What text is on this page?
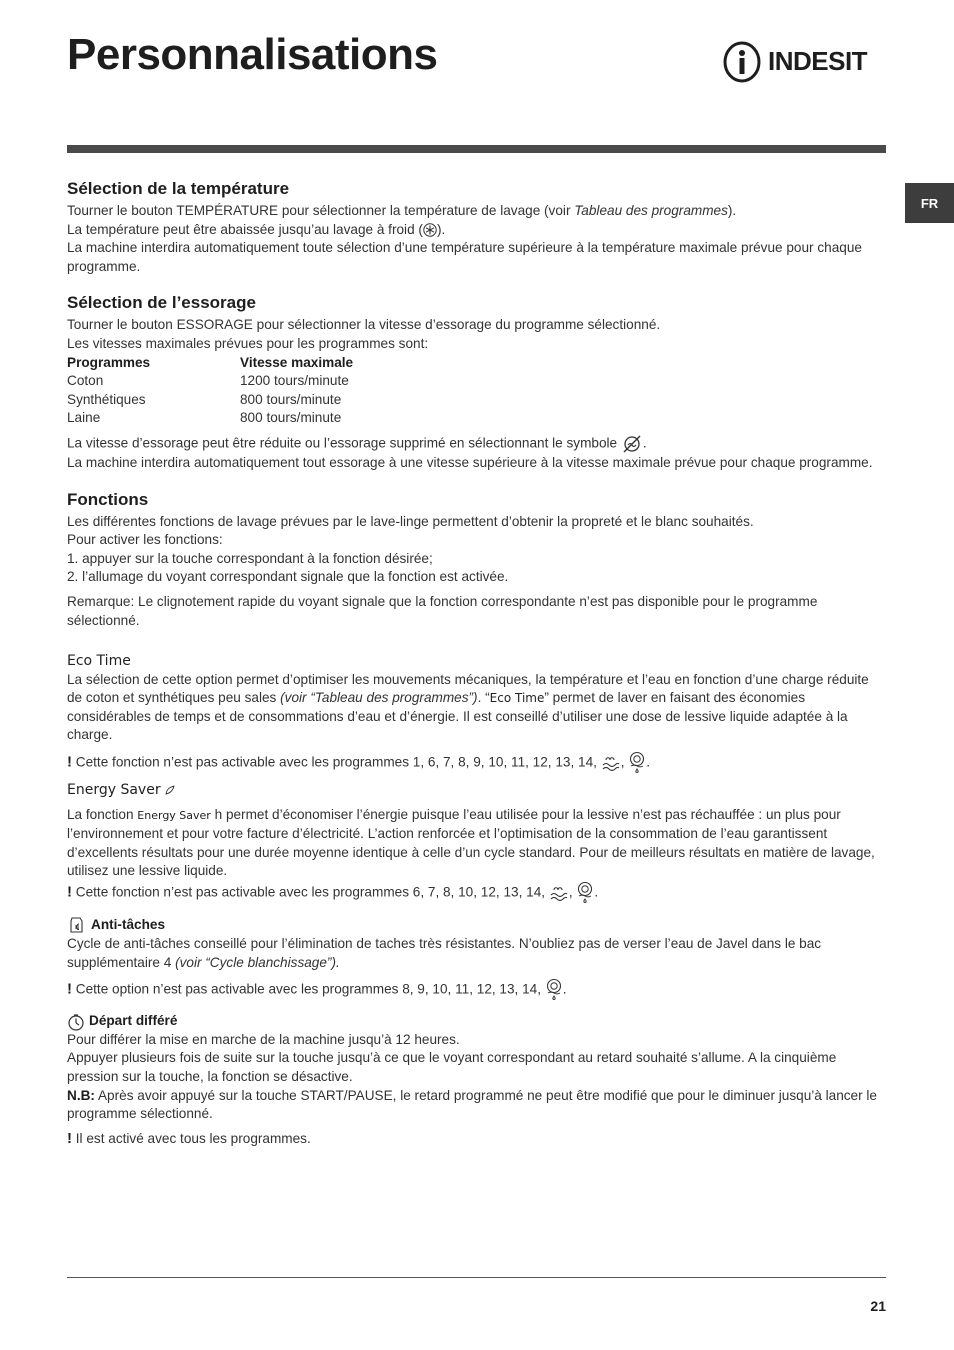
Personnalisations	INDESIT
FR
Sélection de la température

Tourner le bouton TEMPÉRATURE pour sélectionner la température de lavage (voir Tableau des programmes).

La température peut être abaissée jusqu’au lavage à froid ( ).

La machine interdira automatiquement toute sélection d’une température supérieure à la température maximale prévue pour chaque programme.

Sélection de l’essorage

Tourner le bouton ESSORAGE pour sélectionner la vitesse d’essorage du programme sélectionné.

Les vitesses maximales prévues pour les programmes sont:

Programmes	Vitesse maximale
Coton	1200 tours/minute
Synthétiques	800 tours/minute
Laine	800 tours/minute

La vitesse d’essorage peut être réduite ou l’essorage supprimé en sélectionnant le symbole .

La machine interdira automatiquement tout essorage à une vitesse supérieure à la vitesse maximale prévue pour chaque programme.

Fonctions

Les différentes fonctions de lavage prévues par le lave-linge permettent d’obtenir la propreté et le blanc souhaités.

Pour activer les fonctions:

1. appuyer sur la touche correspondant à la fonction désirée;

2. l’allumage du voyant correspondant signale que la fonction est activée.

Remarque: Le clignotement rapide du voyant signale que la fonction correspondante n’est pas disponible pour le programme sélectionné.

Eco Time

La sélection de cette option permet d’optimiser les mouvements mécaniques, la température et l’eau en fonction d’une charge réduite de coton et synthétiques peu sales (voir “Tableau des programmes”). “Eco Time” permet de laver en faisant des économies considérables de temps et de consommations d’eau et d’énergie. Il est conseillé d’utiliser une dose de lessive liquide adaptée à la charge.

! Cette fonction n’est pas activable avec les programmes 1, 6, 7, 8, 9, 10, 11, 12, 13, 14, , .

Energy Saver

La fonction Energy Saver h permet d’économiser l’énergie puisque l’eau utilisée pour la lessive n’est pas réchauffée : un plus pour l’environnement et pour votre facture d’électricité. L’action renforcée et l’optimisation de la consommation de l’eau garantissent d’excellents résultats pour une durée moyenne identique à celle d’un cycle standard. Pour de meilleurs résultats en matière de lavage, utilisez une lessive liquide.

! Cette fonction n’est pas activable avec les programmes 6, 7, 8, 10, 12, 13, 14, , .

Anti-tâches

Cycle de anti-tâches conseillé pour l’élimination de taches très résistantes. N’oubliez pas de verser l’eau de Javel dans le bac supplémentaire 4 (voir “Cycle blanchissage”).

! Cette option n’est pas activable avec les programmes 8, 9, 10, 11, 12, 13, 14, .

Départ différé

Pour différer la mise en marche de la machine jusqu’à 12 heures.

Appuyer plusieurs fois de suite sur la touche jusqu’à ce que le voyant correspondant au retard souhaité s’allume. A la cinquième pression sur la touche, la fonction se désactive.

N.B: Après avoir appuyé sur la touche START/PAUSE, le retard programmé ne peut être modifié que pour le diminuer jusqu’à lancer le programme sélectionné.

! Il est activé avec tous les programmes.

21
